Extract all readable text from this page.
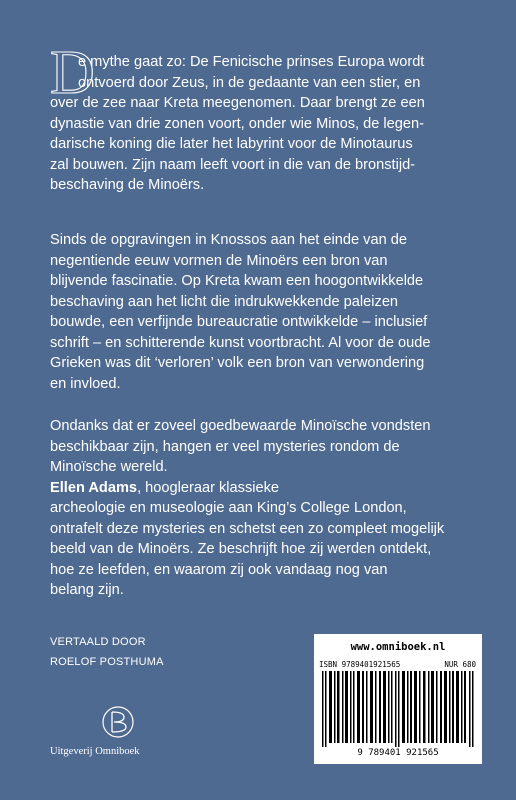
D
e mythe gaat zo: De Fenicische prinses Europa wordt
ontvoerd door Zeus, in de gedaante van een stier, en
over de zee naar Kreta meegenomen. Daar brengt ze een
dynastie van drie zonen voort, onder wie Minos, de legen-
darische koning die later het labyrint voor de Minotaurus
zal bouwen. Zijn naam leeft voort in die van de bronstijd-
beschaving de Minoërs.
Sinds de opgravingen in Knossos aan het einde van de
negentiende eeuw vormen de Minoërs een bron van
blijvende fascinatie. Op Kreta kwam een hoogontwikkelde
beschaving aan het licht die indrukwekkende paleizen
bouwde, een verfijnde bureaucratie ontwikkelde – inclusief
schrift – en schitterende kunst voortbracht. Al voor de oude
Grieken was dit ‘verloren’ volk een bron van verwondering
en invloed.
Ondanks dat er zoveel goedbewaarde Minoïsche vondsten
beschikbaar zijn, hangen er veel mysteries rondom de
Minoïsche wereld.
Ellen Adams, hoogleraar klassieke
archeologie en museologie aan King’s College London,
ontrafelt deze mysteries en schetst een zo compleet mogelijk
beeld van de Minoërs. Ze beschrijft hoe zij werden ontdekt,
hoe ze leefden, en waarom zij ook vandaag nog van
belang zijn.
VERTAALD DOOR
ROELOF POSTHUMA
Uitgeverij Omniboek
www.omniboek.nl
ISBN 9789401921565	NUR 680
9 789401 921565
